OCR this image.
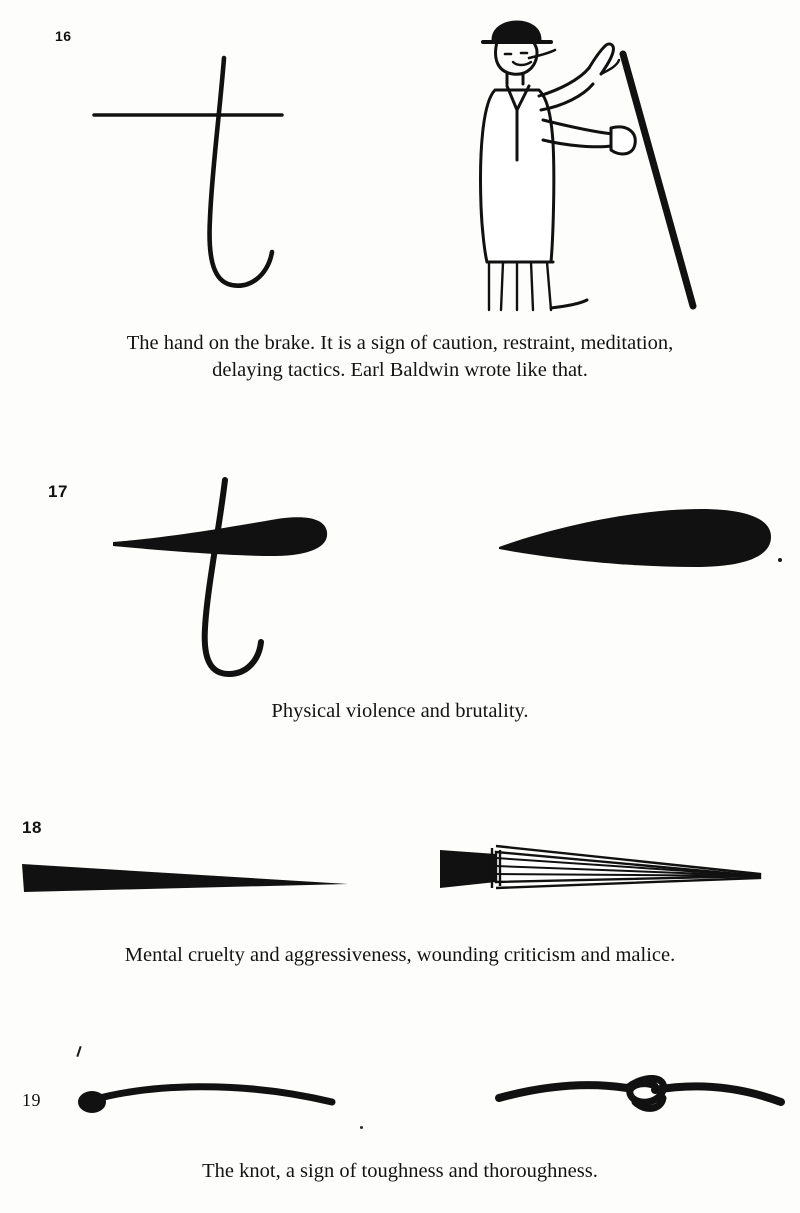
16
The hand on the brake. It is a sign of caution, restraint, meditation,
delaying tactics. Earl Baldwin wrote like that.
17
Physical violence and brutality.
18
Mental cruelty and aggressiveness, wounding criticism and malice.
19
The knot, a sign of toughness and thoroughness.
